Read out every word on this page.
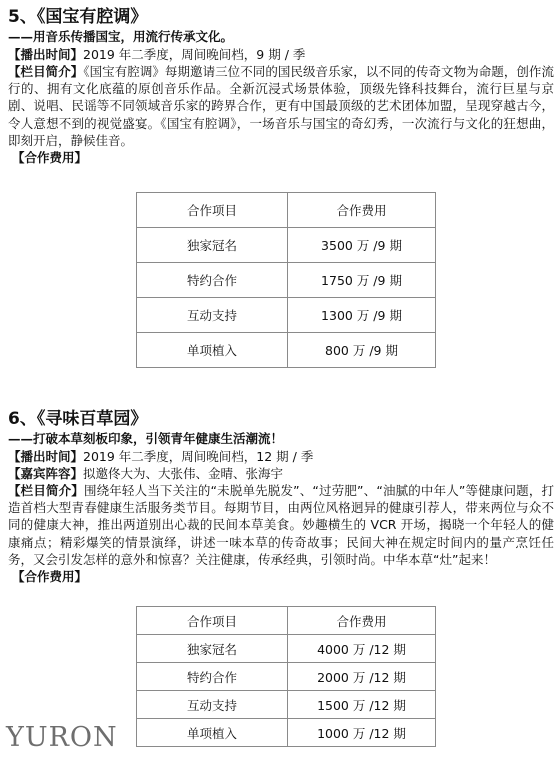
5、《国宝有腔调》

——用音乐传播国宝，用流行传承文化。

【播出时间】2019 年二季度，周间晚间档，9 期 / 季

【栏目简介】《国宝有腔调》每期邀请三位不同的国民级音乐家，以不同的传奇文物为命题，创作流行的、拥有文化底蕴的原创音乐作品。全新沉浸式场景体验，顶级先锋科技舞台，流行巨星与京剧、说唱、民谣等不同领域音乐家的跨界合作，更有中国最顶级的艺术团体加盟，呈现穿越古今，令人意想不到的视觉盛宴。《国宝有腔调》，一场音乐与国宝的奇幻秀，一次流行与文化的狂想曲，即刻开启，静候佳音。

【合作费用】

合作项目	合作费用
独家冠名	3500 万 /9 期
特约合作	1750 万 /9 期
互动支持	1300 万 /9 期
单项植入	800 万 /9 期

6、《寻味百草园》

——打破本草刻板印象，引领青年健康生活潮流！

【播出时间】2019 年二季度，周间晚间档，12 期 / 季

【嘉宾阵容】拟邀佟大为、大张伟、金晴、张海宇

【栏目简介】围绕年轻人当下关注的“未脱单先脱发”、“过劳肥”、“油腻的中年人”等健康问题，打造首档大型青春健康生活服务类节目。每期节目，由两位风格迥异的健康引荐人，带来两位与众不同的健康大神，推出两道别出心裁的民间本草美食。妙趣横生的 VCR 开场，揭晓一个年轻人的健康痛点；精彩爆笑的情景演绎，讲述一味本草的传奇故事；民间大神在规定时间内的量产烹饪任务，又会引发怎样的意外和惊喜？关注健康，传承经典，引领时尚。中华本草“灶”起来！

【合作费用】

合作项目	合作费用
独家冠名	4000 万 /12 期
特约合作	2000 万 /12 期
互动支持	1500 万 /12 期
单项植入	1000 万 /12 期
YURON
